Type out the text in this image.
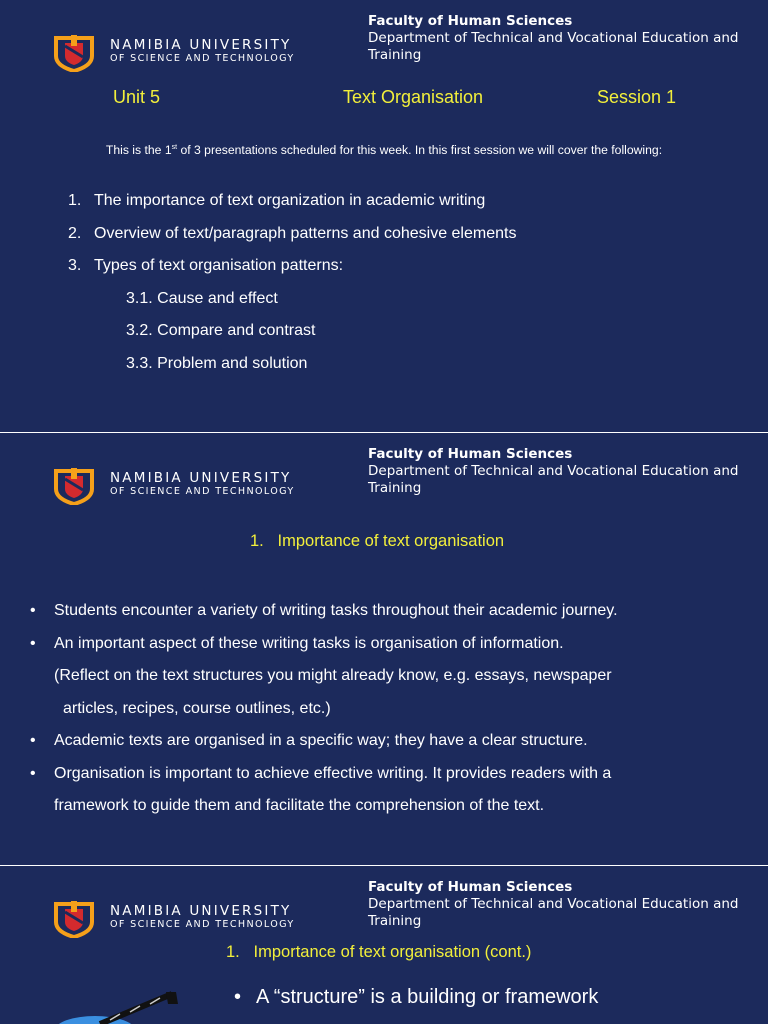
NAMIBIA UNIVERSITY
OF SCIENCE AND TECHNOLOGY
Faculty of Human Sciences
Department of Technical and Vocational Education and Training
Unit 5	Text Organisation	Session 1
This is the 1st of 3 presentations scheduled for this week. In this first session we will cover the following:
1. The importance of text organization in academic writing
2. Overview of text/paragraph patterns and cohesive elements
3. Types of text organisation patterns:
3.1. Cause and effect
3.2. Compare and contrast
3.3. Problem and solution
NAMIBIA UNIVERSITY
OF SCIENCE AND TECHNOLOGY
Faculty of Human Sciences
Department of Technical and Vocational Education and Training
1. Importance of text organisation
• Students encounter a variety of writing tasks throughout their academic journey.
• An important aspect of these writing tasks is organisation of information.
(Reflect on the text structures you might already know, e.g. essays, newspaper
articles, recipes, course outlines, etc.)
• Academic texts are organised in a specific way; they have a clear structure.
• Organisation is important to achieve effective writing. It provides readers with a
framework to guide them and facilitate the comprehension of the text.
NAMIBIA UNIVERSITY
OF SCIENCE AND TECHNOLOGY
Faculty of Human Sciences
Department of Technical and Vocational Education and Training
1. Importance of text organisation (cont.)
• A “structure” is a building or framework
